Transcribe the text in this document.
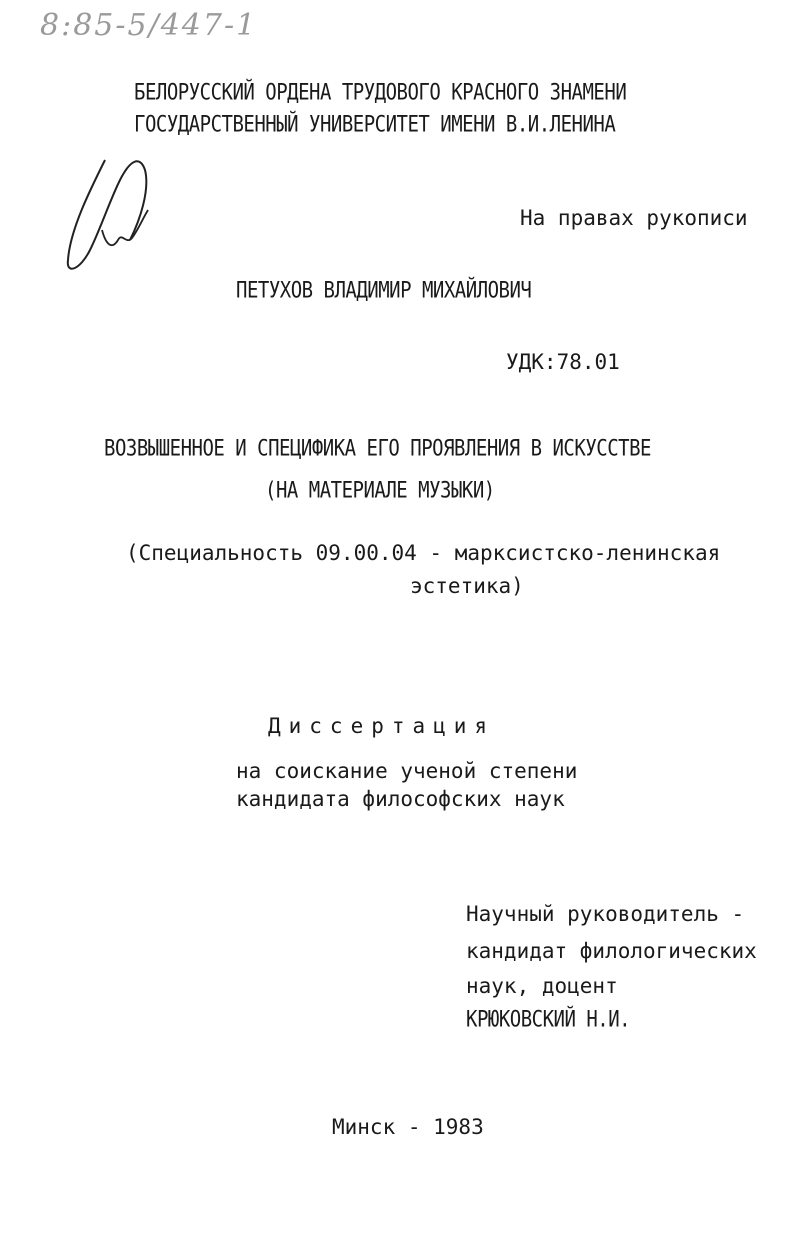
8:85-5/447-1
БЕЛОРУССКИЙ ОРДЕНА ТРУДОВОГО КРАСНОГО ЗНАМЕНИ
ГОСУДАРСТВЕННЫЙ УНИВЕРСИТЕТ ИМЕНИ В.И.ЛЕНИНА
На правах рукописи
ПЕТУХОВ ВЛАДИМИР МИХАЙЛОВИЧ
УДК:78.01
ВОЗВЫШЕННОЕ И СПЕЦИФИКА ЕГО ПРОЯВЛЕНИЯ В ИСКУССТВЕ
(НА МАТЕРИАЛЕ МУЗЫКИ)
(Специальность 09.00.04 - марксистско-ленинская
эстетика)
Диссертация
на соискание ученой степени
кандидата философских наук
Научный руководитель -
кандидат филологических
наук, доцент
КРЮКОВСКИЙ Н.И.
Минск - 1983
